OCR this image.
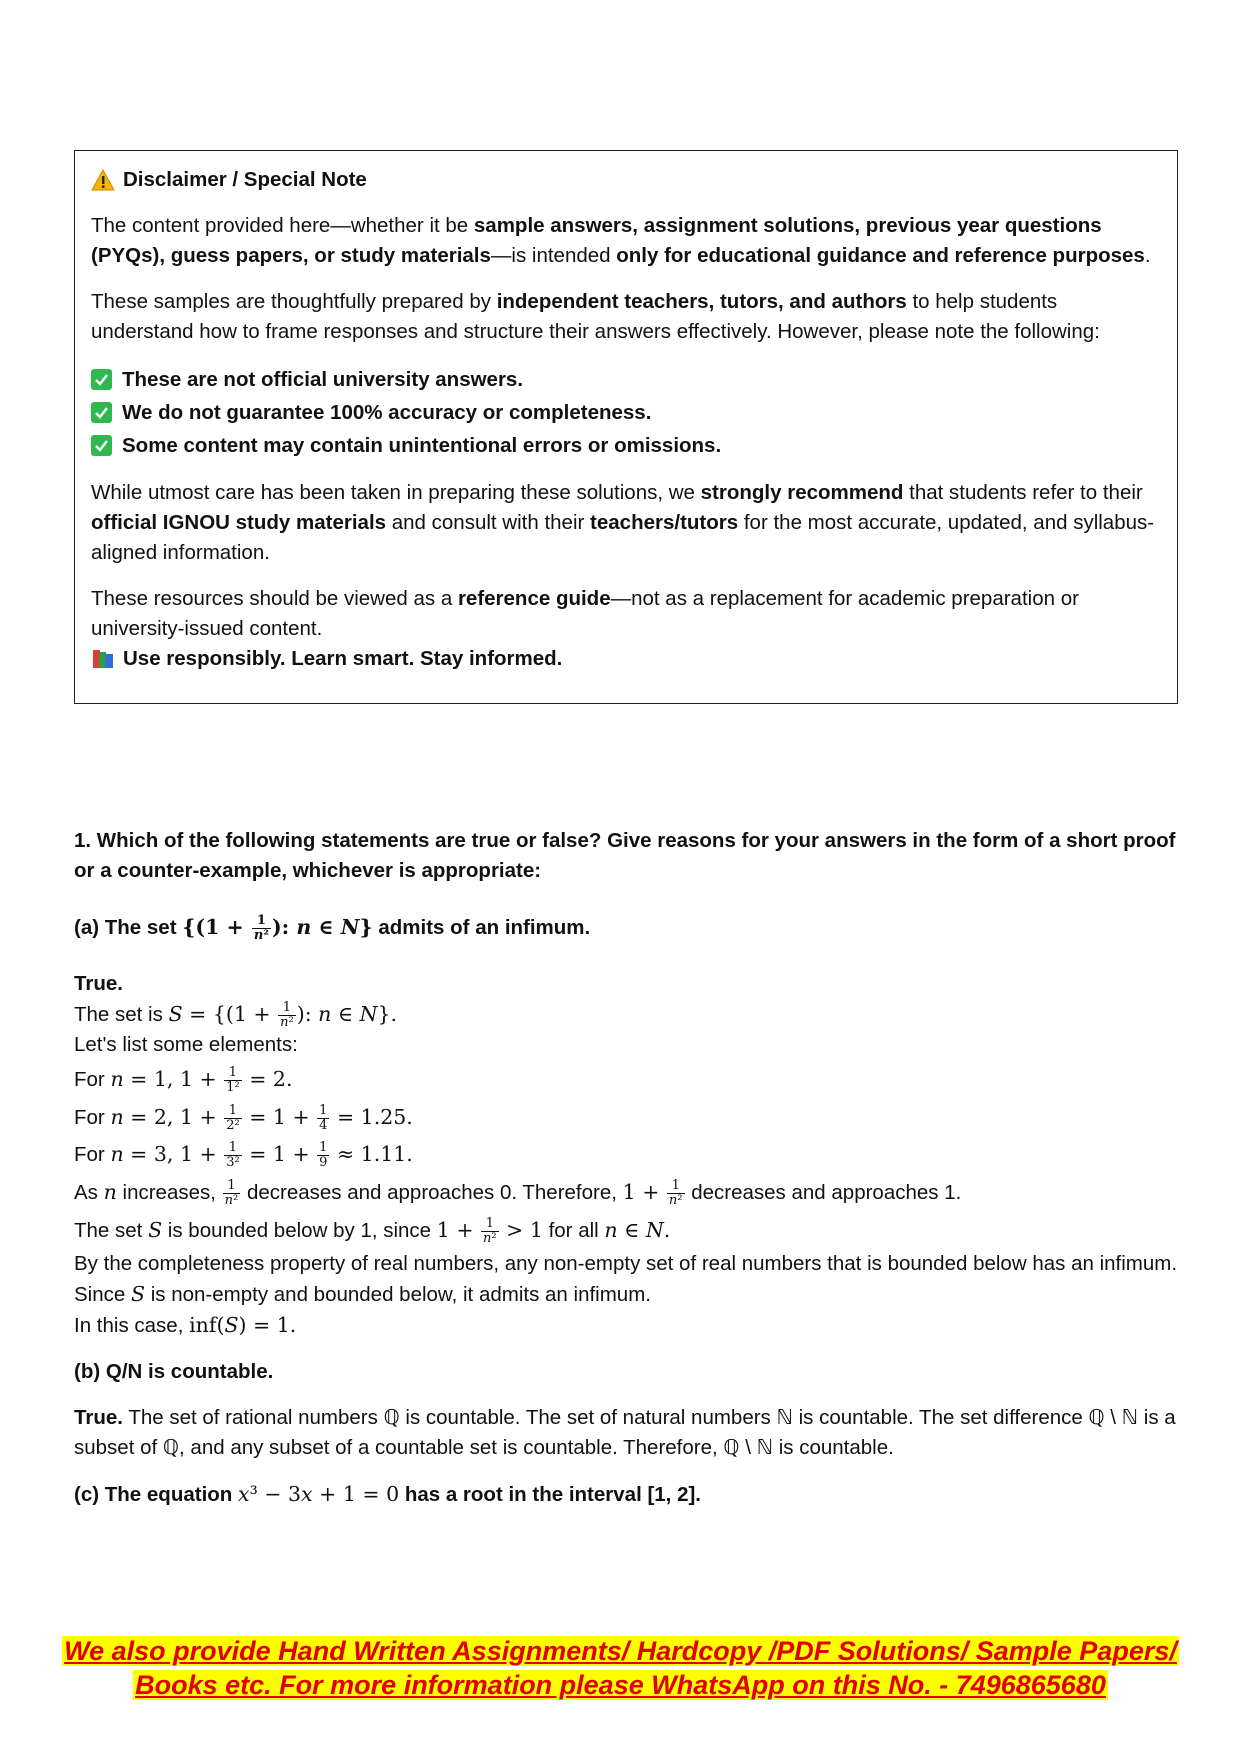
Disclaimer / Special Note

The content provided here—whether it be sample answers, assignment solutions, previous year questions (PYQs), guess papers, or study materials—is intended only for educational guidance and reference purposes.

These samples are thoughtfully prepared by independent teachers, tutors, and authors to help students understand how to frame responses and structure their answers effectively. However, please note the following:

These are not official university answers.
We do not guarantee 100% accuracy or completeness.
Some content may contain unintentional errors or omissions.

While utmost care has been taken in preparing these solutions, we strongly recommend that students refer to their official IGNOU study materials and consult with their teachers/tutors for the most accurate, updated, and syllabus-aligned information.

These resources should be viewed as a reference guide—not as a replacement for academic preparation or university-issued content.

Use responsibly. Learn smart. Stay informed.

1. Which of the following statements are true or false? Give reasons for your answers in the form of a short proof or a counter-example, whichever is appropriate:

(a) The set {($1 + \frac{1}{\text{n²}}$ ): n ∈ N} admits of an infimum.

True.

The set is $S = \{(1 + \frac{1}{\text{n²}}$ ): n ∈ N}.

Let's list some elements:

For n = 1, $1 + \frac{1}{\text{1²}} = 2$.

For n = 2, $1 + \frac{1}{\text{2²}} = 1 + \frac{1}{4} = 1.25$.

For n = 3, $1 + \frac{1}{\text{3²}} = 1 + \frac{1}{9} \approx 1.11$.

As n increases, $\frac{1}{\text{n²}}$ decreases and approaches 0. Therefore, $1 + \frac{1}{\text{n²}}$ decreases and approaches 1.

The set S is bounded below by 1, since $1 + \frac{1}{\text{n²}} > 1$ for all n ∈ N.

By the completeness property of real numbers, any non-empty set of real numbers that is bounded below has an infimum. Since S is non-empty and bounded below, it admits an infimum.

In this case, inf(S) = 1.

(b) Q/N is countable.

True. The set of rational numbers ℚ is countable. The set of natural numbers ℕ is countable. The set difference ℚ \ ℕ is a subset of ℚ, and any subset of a countable set is countable. Therefore, ℚ \ ℕ is countable.

(c) The equation x³ − 3x + 1 = 0 has a root in the interval [1, 2].

We also provide Hand Written Assignments/ Hardcopy /PDF Solutions/ Sample Papers/
Books etc. For more information please WhatsApp on this No. - 7496865680
